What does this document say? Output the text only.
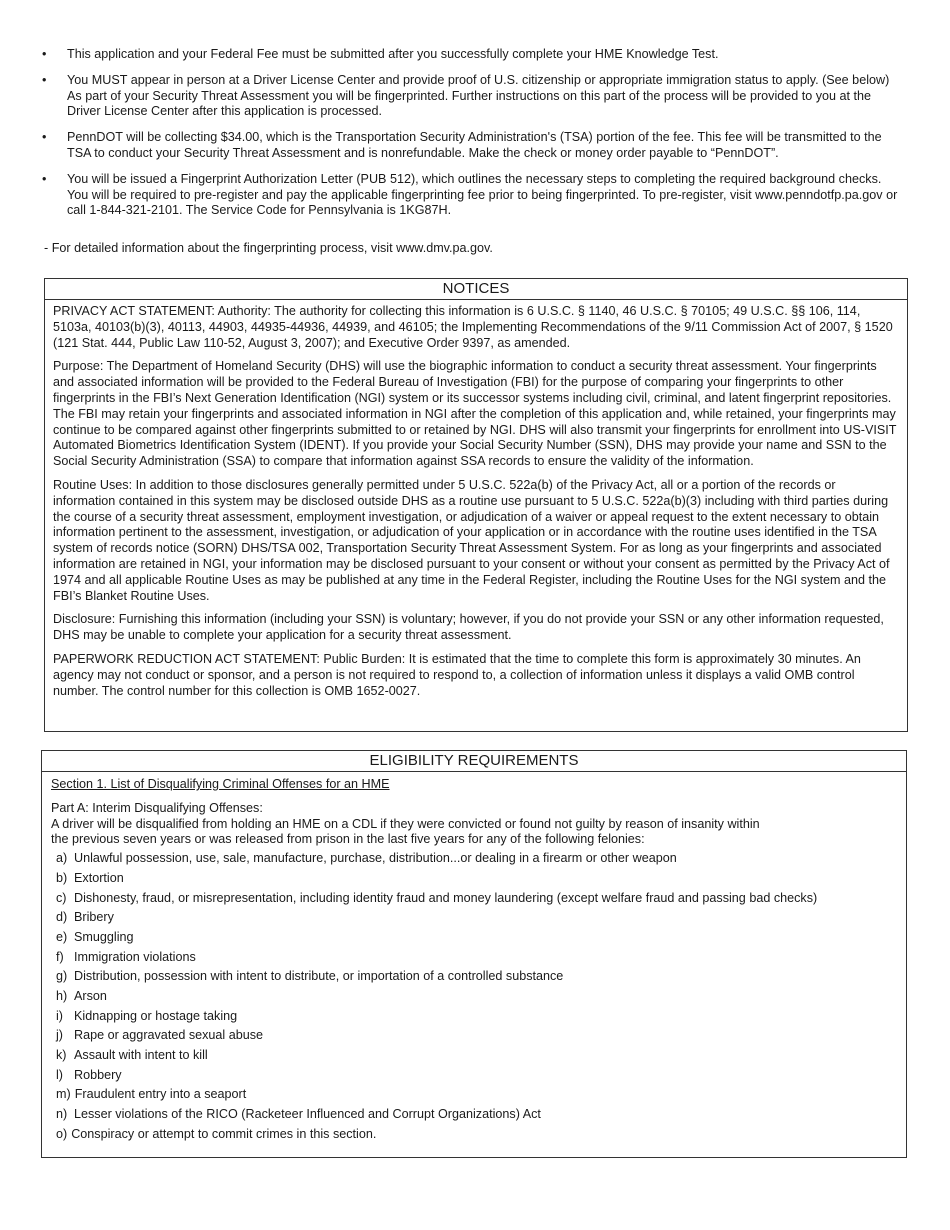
• This application and your Federal Fee must be submitted after you successfully complete your HME Knowledge Test.
• You MUST appear in person at a Driver License Center and provide proof of U.S. citizenship or appropriate immigration status to apply. (See below) As part of your Security Threat Assessment you will be fingerprinted. Further instructions on this part of the process will be provided to you at the Driver License Center after this application is processed.
• PennDOT will be collecting $34.00, which is the Transportation Security Administration's (TSA) portion of the fee. This fee will be transmitted to the TSA to conduct your Security Threat Assessment and is nonrefundable. Make the check or money order payable to “PennDOT”.
• You will be issued a Fingerprint Authorization Letter (PUB 512), which outlines the necessary steps to completing the required background checks. You will be required to pre-register and pay the applicable fingerprinting fee prior to being fingerprinted. To pre-register, visit www.penndotfp.pa.gov or call 1-844-321-2101. The Service Code for Pennsylvania is 1KG87H.
- For detailed information about the fingerprinting process, visit www.dmv.pa.gov.
NOTICES

PRIVACY ACT STATEMENT: Authority: The authority for collecting this information is 6 U.S.C. § 1140, 46 U.S.C. § 70105; 49 U.S.C. §§ 106, 114, 5103a, 40103(b)(3), 40113, 44903, 44935-44936, 44939, and 46105; the Implementing Recommendations of the 9/11 Commission Act of 2007, § 1520 (121 Stat. 444, Public Law 110-52, August 3, 2007); and Executive Order 9397, as amended.

Purpose: The Department of Homeland Security (DHS) will use the biographic information to conduct a security threat assessment. Your fingerprints and associated information will be provided to the Federal Bureau of Investigation (FBI) for the purpose of comparing your fingerprints to other fingerprints in the FBI’s Next Generation Identification (NGI) system or its successor systems including civil, criminal, and latent fingerprint repositories. The FBI may retain your fingerprints and associated information in NGI after the completion of this application and, while retained, your fingerprints may continue to be compared against other fingerprints submitted to or retained by NGI. DHS will also transmit your fingerprints for enrollment into US-VISIT Automated Biometrics Identification System (IDENT). If you provide your Social Security Number (SSN), DHS may provide your name and SSN to the Social Security Administration (SSA) to compare that information against SSA records to ensure the validity of the information.

Routine Uses: In addition to those disclosures generally permitted under 5 U.S.C. 522a(b) of the Privacy Act, all or a portion of the records or information contained in this system may be disclosed outside DHS as a routine use pursuant to 5 U.S.C. 522a(b)(3) including with third parties during the course of a security threat assessment, employment investigation, or adjudication of a waiver or appeal request to the extent necessary to obtain information pertinent to the assessment, investigation, or adjudication of your application or in accordance with the routine uses identified in the TSA system of records notice (SORN) DHS/TSA 002, Transportation Security Threat Assessment System. For as long as your fingerprints and associated information are retained in NGI, your information may be disclosed pursuant to your consent or without your consent as permitted by the Privacy Act of 1974 and all applicable Routine Uses as may be published at any time in the Federal Register, including the Routine Uses for the NGI system and the FBI’s Blanket Routine Uses.

Disclosure: Furnishing this information (including your SSN) is voluntary; however, if you do not provide your SSN or any other information requested, DHS may be unable to complete your application for a security threat assessment.

PAPERWORK REDUCTION ACT STATEMENT: Public Burden: It is estimated that the time to complete this form is approximately 30 minutes. An agency may not conduct or sponsor, and a person is not required to respond to, a collection of information unless it displays a valid OMB control number. The control number for this collection is OMB 1652-0027.

ELIGIBILITY REQUIREMENTS

Section 1. List of Disqualifying Criminal Offenses for an HME

Part A: Interim Disqualifying Offenses:

A driver will be disqualified from holding an HME on a CDL if they were convicted or found not guilty by reason of insanity within

the previous seven years or was released from prison in the last five years for any of the following felonies:

a) Unlawful possession, use, sale, manufacture, purchase, distribution...or dealing in a firearm or other weapon
b) Extortion
c) Dishonesty, fraud, or misrepresentation, including identity fraud and money laundering (except welfare fraud and passing bad checks)
d) Bribery
e) Smuggling
f) Immigration violations
g) Distribution, possession with intent to distribute, or importation of a controlled substance
h) Arson
i) Kidnapping or hostage taking
j) Rape or aggravated sexual abuse
k) Assault with intent to kill
l) Robbery
m) Fraudulent entry into a seaport
n) Lesser violations of the RICO (Racketeer Influenced and Corrupt Organizations) Act
o) Conspiracy or attempt to commit crimes in this section.
